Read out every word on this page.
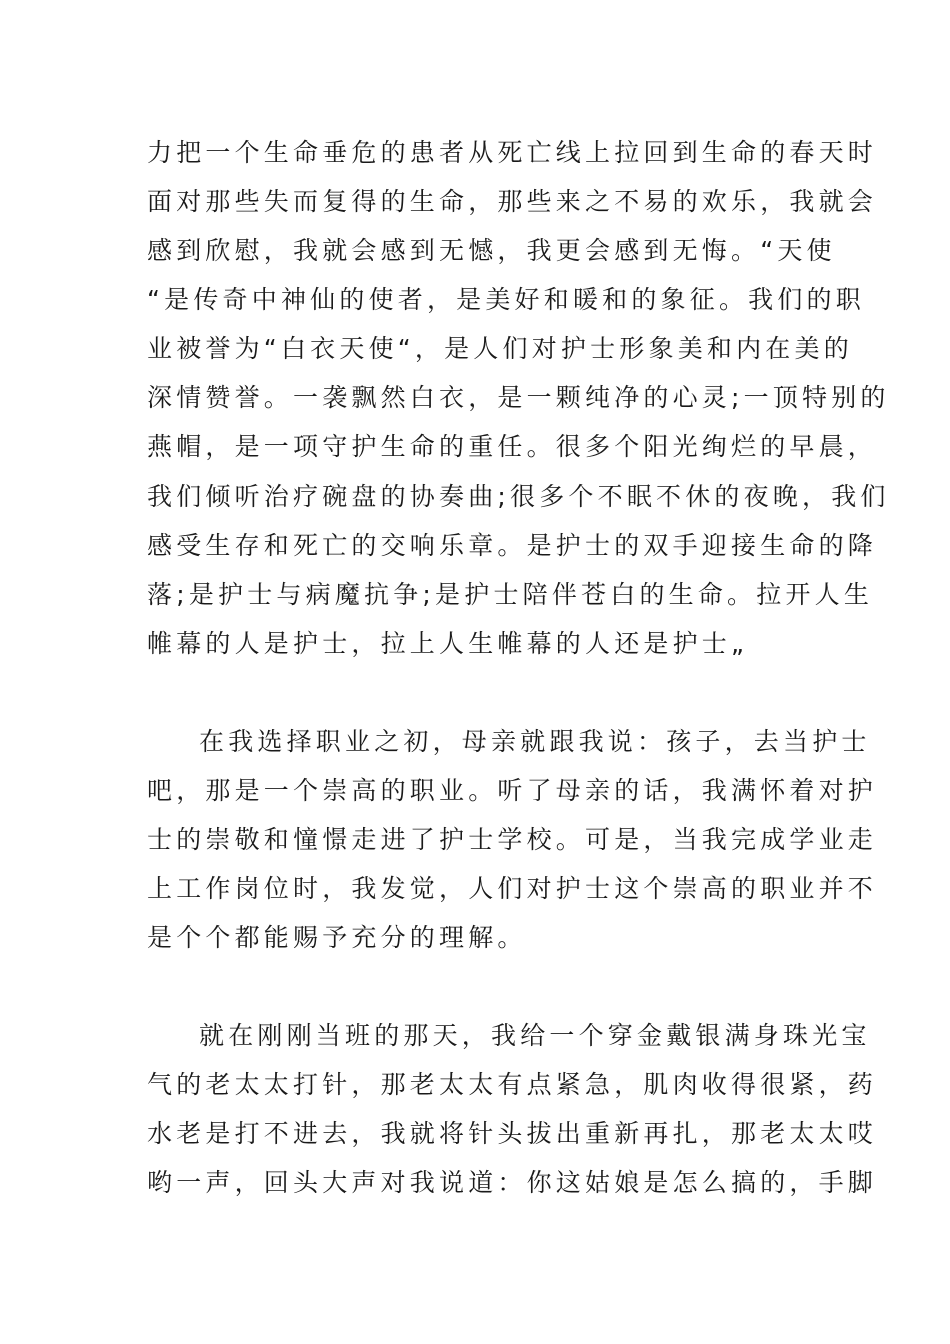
力把一个生命垂危的患者从死亡线上拉回到生命的春天时
面对那些失而复得的生命，那些来之不易的欢乐，我就会
感到欣慰，我就会感到无憾，我更会感到无悔。“天使
“是传奇中神仙的使者，是美好和暖和的象征。我们的职
业被誉为“白衣天使“，是人们对护士形象美和内在美的
深情赞誉。一袭飘然白衣，是一颗纯净的心灵;一顶特别的
燕帽，是一项守护生命的重任。很多个阳光绚烂的早晨，
我们倾听治疗碗盘的协奏曲;很多个不眠不休的夜晚，我们
感受生存和死亡的交响乐章。是护士的双手迎接生命的降
落;是护士与病魔抗争;是护士陪伴苍白的生命。拉开人生
帷幕的人是护士，拉上人生帷幕的人还是护士„
在我选择职业之初，母亲就跟我说：孩子，去当护士
吧，那是一个崇高的职业。听了母亲的话，我满怀着对护
士的崇敬和憧憬走进了护士学校。可是，当我完成学业走
上工作岗位时，我发觉，人们对护士这个崇高的职业并不
是个个都能赐予充分的理解。
就在刚刚当班的那天，我给一个穿金戴银满身珠光宝
气的老太太打针，那老太太有点紧急，肌肉收得很紧，药
水老是打不进去，我就将针头拔出重新再扎，那老太太哎
哟一声，回头大声对我说道：你这姑娘是怎么搞的，手脚
